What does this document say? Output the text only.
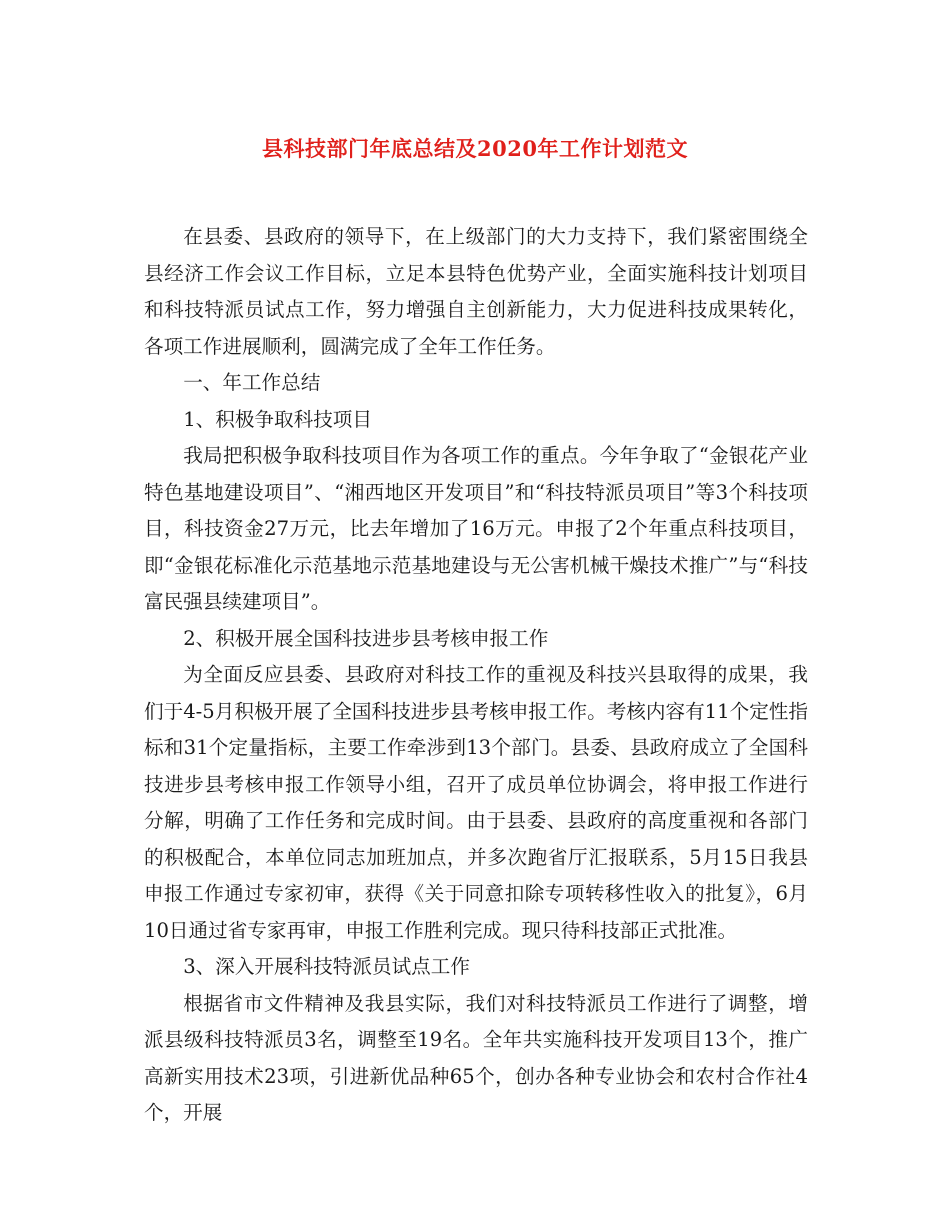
县科技部门年底总结及2020年工作计划范文

在县委、县政府的领导下，在上级部门的大力支持下，我们紧密围绕全县经济工作会议工作目标，立足本县特色优势产业，全面实施科技计划项目和科技特派员试点工作，努力增强自主创新能力，大力促进科技成果转化，各项工作进展顺利，圆满完成了全年工作任务。

一、年工作总结

1、积极争取科技项目

我局把积极争取科技项目作为各项工作的重点。今年争取了“金银花产业特色基地建设项目”、“湘西地区开发项目”和“科技特派员项目”等3个科技项目，科技资金27万元，比去年增加了16万元。申报了2个年重点科技项目，即“金银花标准化示范基地示范基地建设与无公害机械干燥技术推广”与“科技富民强县续建项目”。

2、积极开展全国科技进步县考核申报工作

为全面反应县委、县政府对科技工作的重视及科技兴县取得的成果，我们于4-5月积极开展了全国科技进步县考核申报工作。考核内容有11个定性指标和31个定量指标，主要工作牵涉到13个部门。县委、县政府成立了全国科技进步县考核申报工作领导小组，召开了成员单位协调会，将申报工作进行分解，明确了工作任务和完成时间。由于县委、县政府的高度重视和各部门的积极配合，本单位同志加班加点，并多次跑省厅汇报联系，5月15日我县申报工作通过专家初审，获得《关于同意扣除专项转移性收入的批复》，6月10日通过省专家再审，申报工作胜利完成。现只待科技部正式批准。

3、深入开展科技特派员试点工作

根据省市文件精神及我县实际，我们对科技特派员工作进行了调整，增派县级科技特派员3名，调整至19名。全年共实施科技开发项目13个，推广高新实用技术23项，引进新优品种65个，创办各种专业协会和农村合作社4个，开展
